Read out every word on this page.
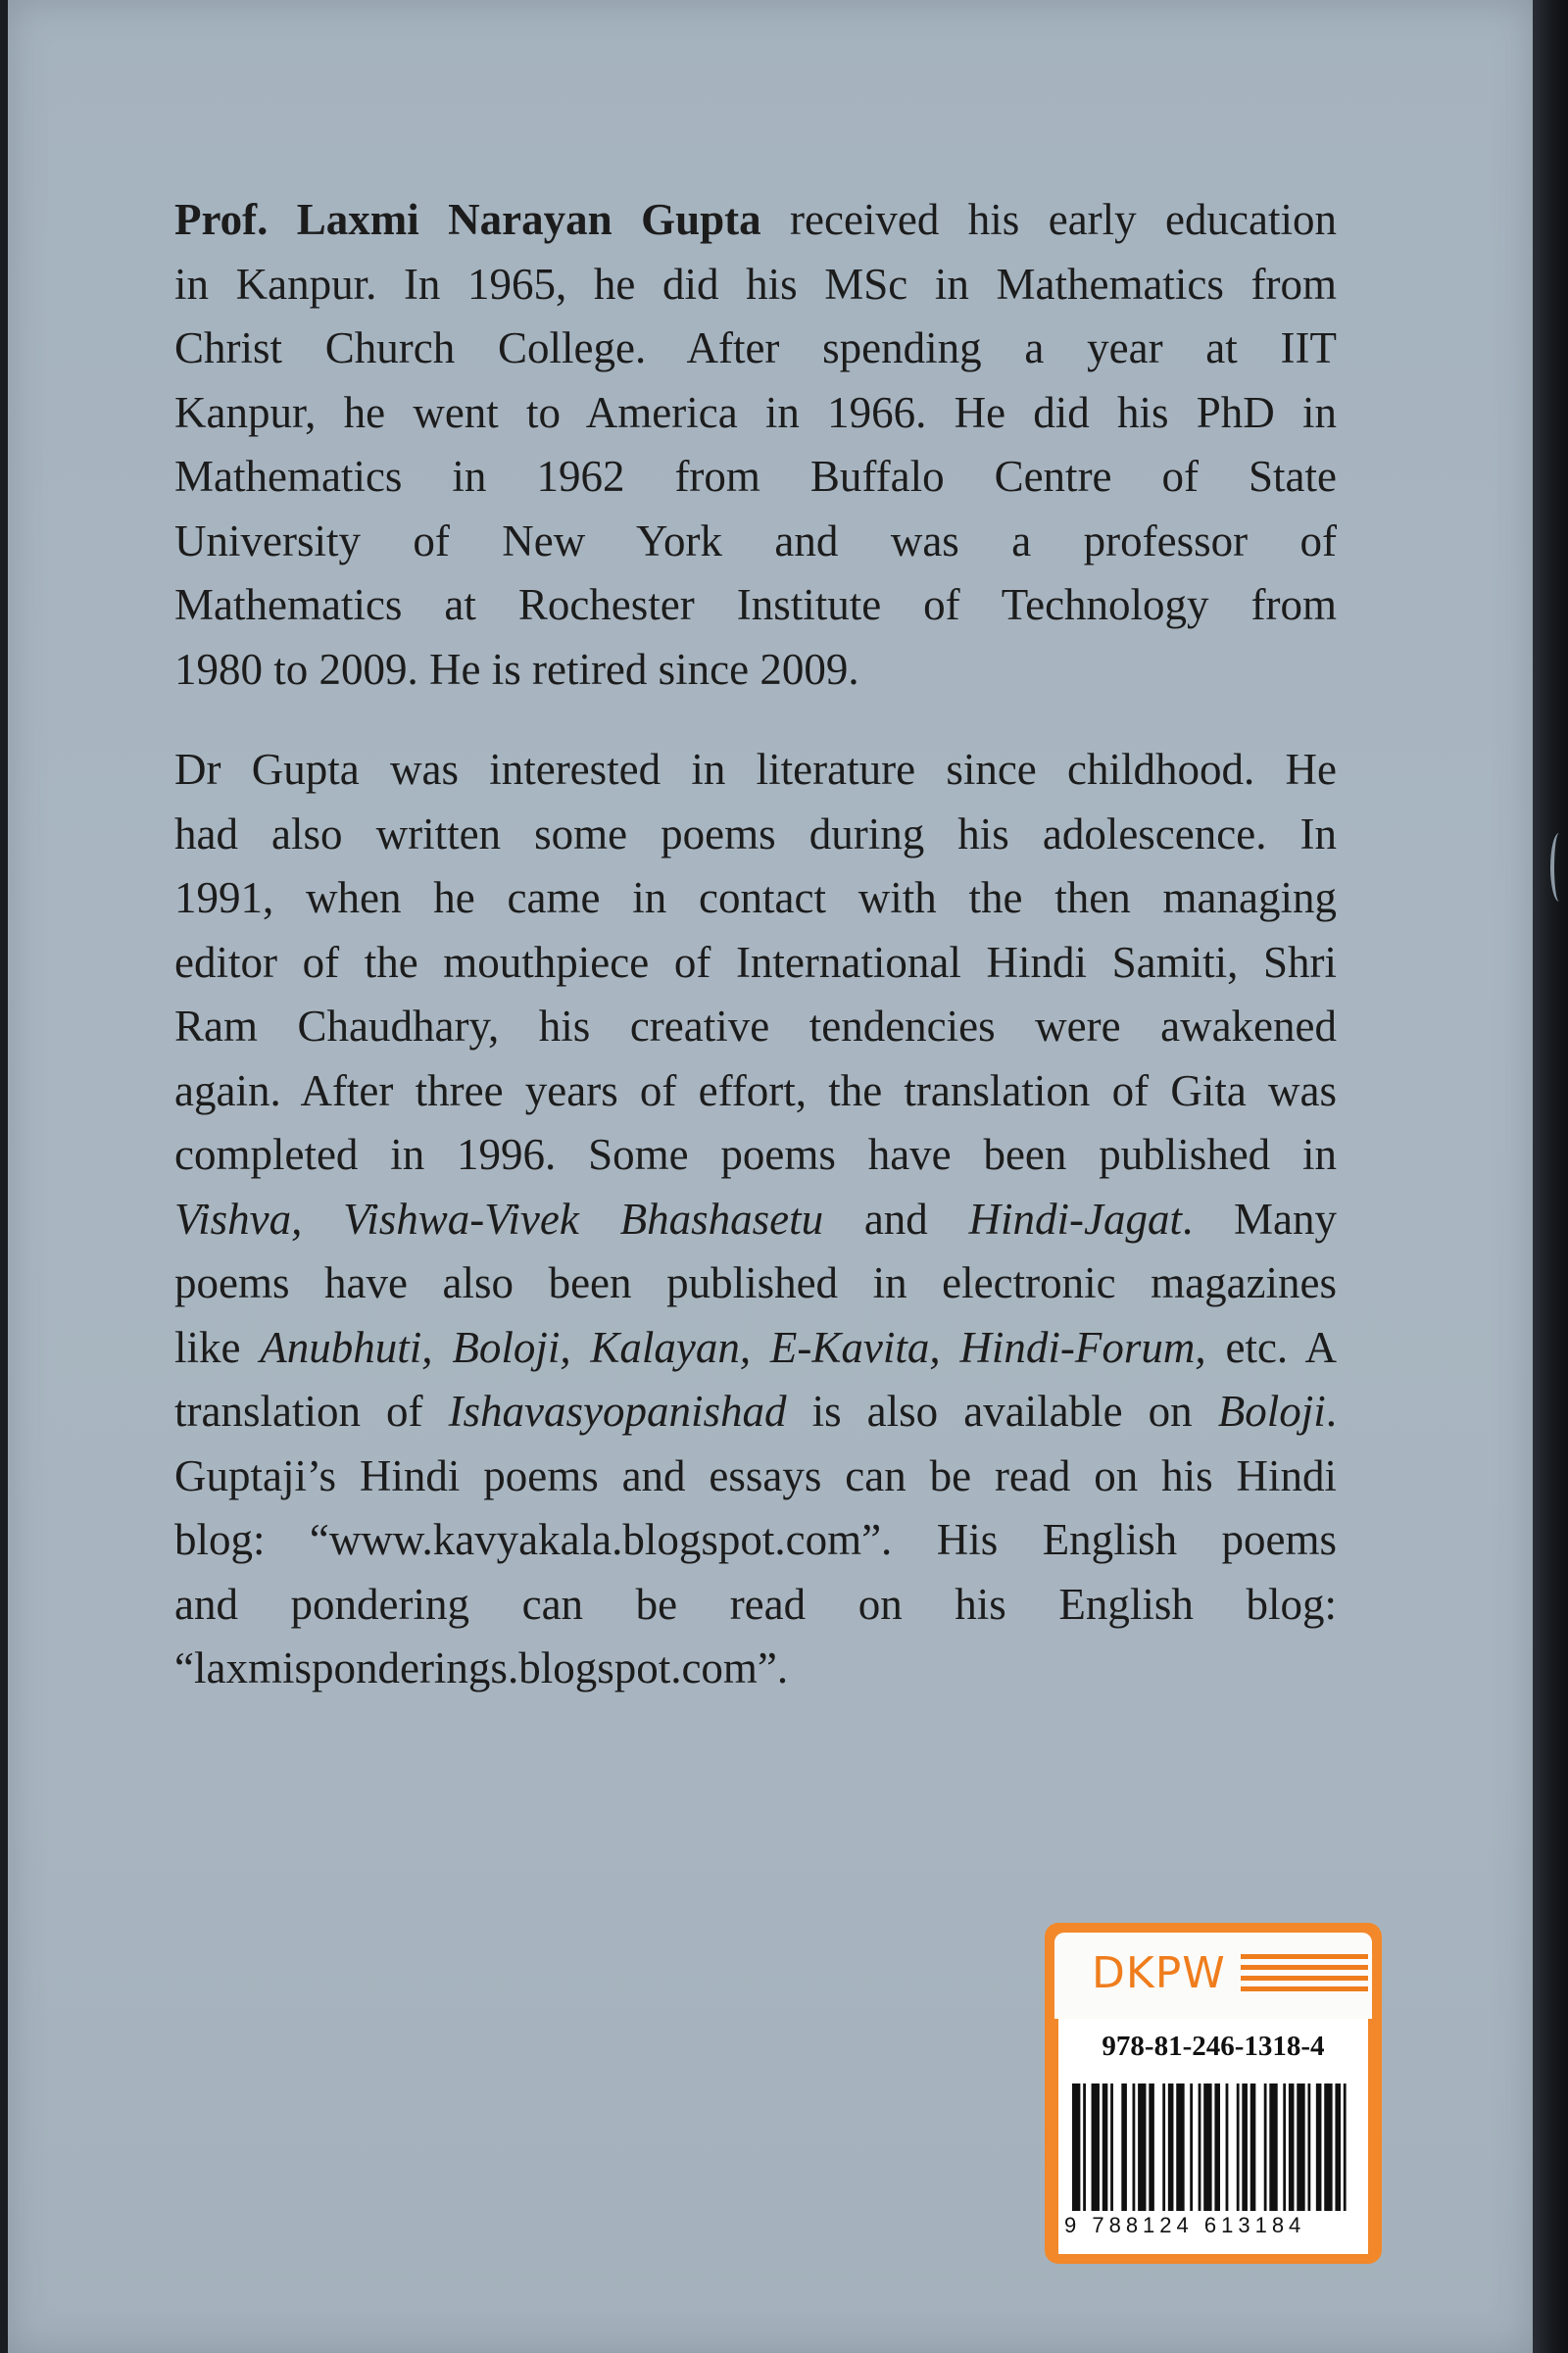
Prof. Laxmi Narayan Gupta received his early education
in Kanpur. In 1965, he did his MSc in Mathematics from
Christ Church College. After spending a year at IIT
Kanpur, he went to America in 1966. He did his PhD in
Mathematics in 1962 from Buffalo Centre of State
University of New York and was a professor of
Mathematics at Rochester Institute of Technology from
1980 to 2009. He is retired since 2009.
Dr Gupta was interested in literature since childhood. He
had also written some poems during his adolescence. In
1991, when he came in contact with the then managing
editor of the mouthpiece of International Hindi Samiti, Shri
Ram Chaudhary, his creative tendencies were awakened
again. After three years of effort, the translation of Gita was
completed in 1996. Some poems have been published in
Vishva, Vishwa-Vivek Bhashasetu and Hindi-Jagat. Many
poems have also been published in electronic magazines
like Anubhuti, Boloji, Kalayan, E-Kavita, Hindi-Forum, etc. A
translation of Ishavasyopanishad is also available on Boloji.
Guptaji’s Hindi poems and essays can be read on his Hindi
blog: “www.kavyakala.blogspot.com”. His English poems
and pondering can be read on his English blog:
“laxmisponderings.blogspot.com”.
DKPW
978-81-246-1318-4
9 788124 613184
